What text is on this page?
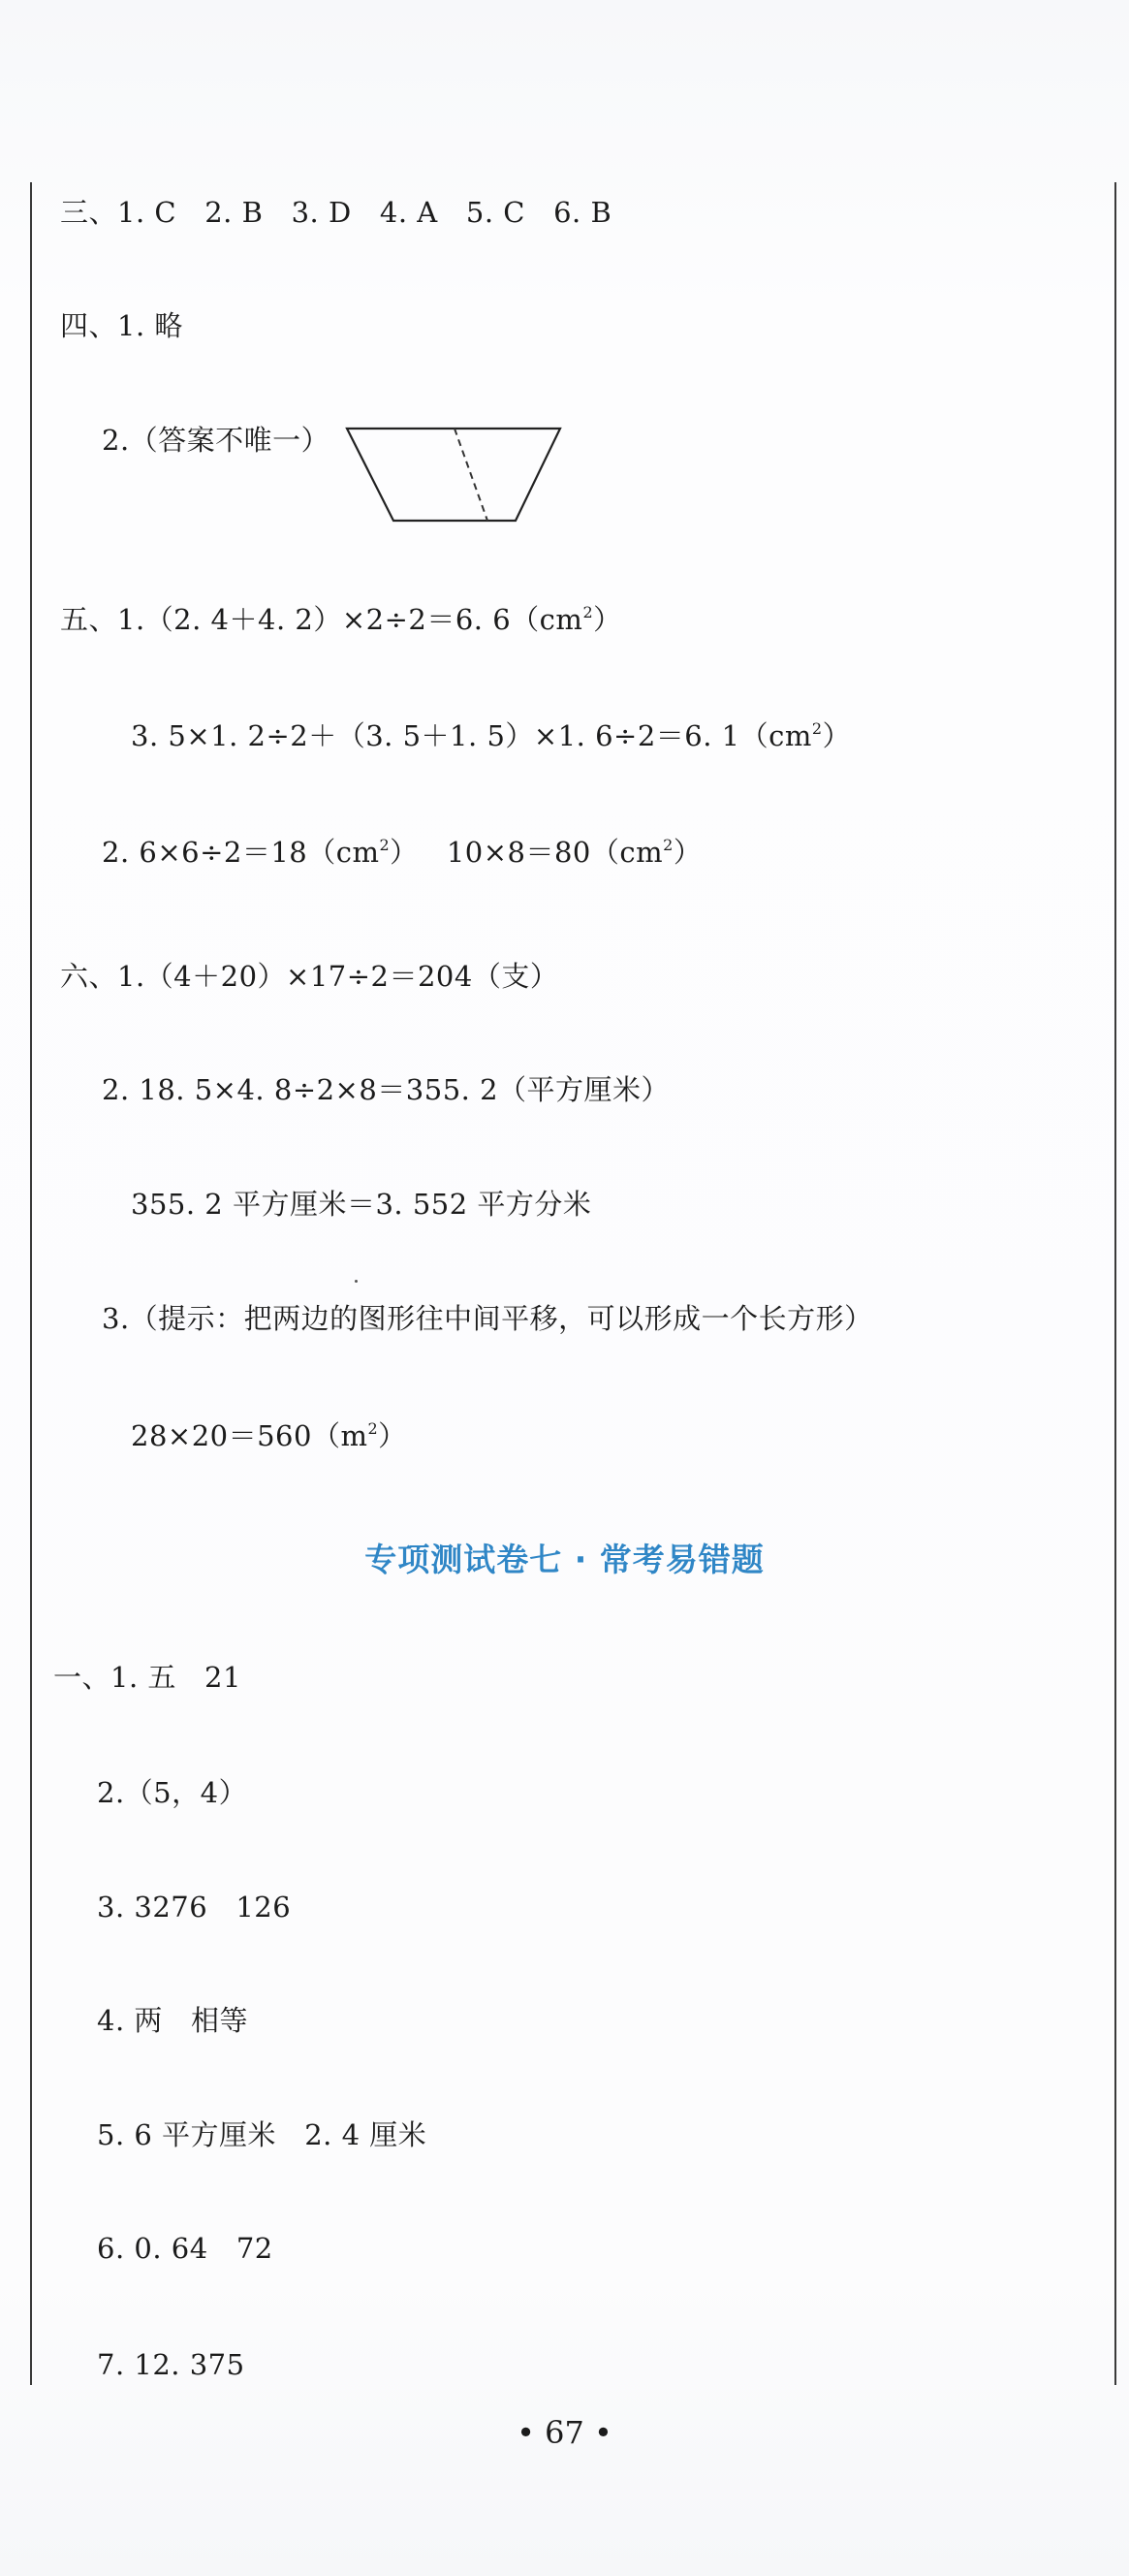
三、1. C   2. B   3. D   4. A   5. C   6. B
四、1. 略
2.（答案不唯一）
五、1.（2. 4＋4. 2）×2÷2＝6. $6(cm^2)$
3. 5×1. 2÷2＋（3. 5＋1. 5）×1. 6÷2＝6. $1(cm^2)$
2. $6\times 6\div 2=18(cm^2)$   $10\times 8=80(cm^2)$
六、1.（4＋20）×17÷2＝204（支）
2. 18. 5×4. 8÷2×8＝355. 2（平方厘米）
355. 2 平方厘米＝3. 552 平方分米
3.（提示：把两边的图形往中间平移，可以形成一个长方形）
$28\times 20=560(m^2)$
专项测试卷七 · 常考易错题
一、1. 五   21
2.（5，4）
3. 3276   126
4. 两   相等
5. 6 平方厘米   2. 4 厘米
6. 0. 64   72
7. 12. 375
• 67 •
